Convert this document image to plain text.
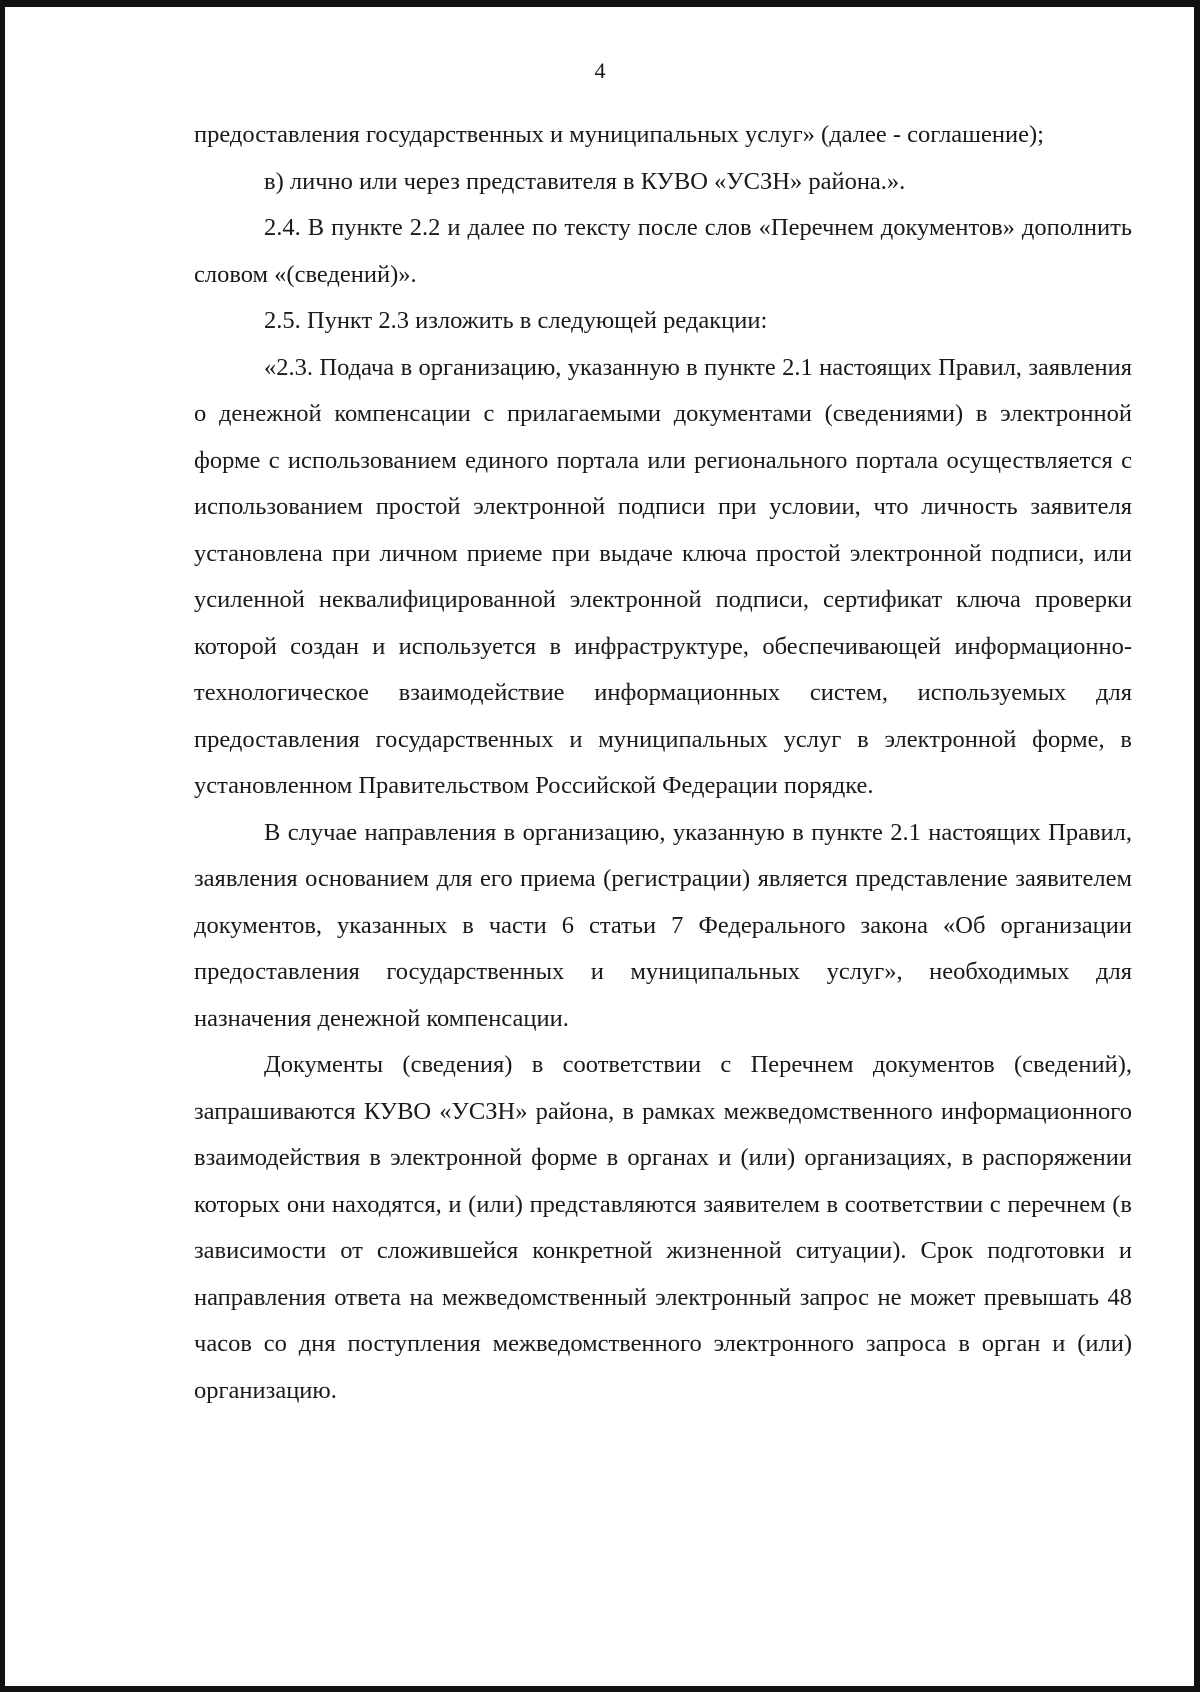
4

предоставления государственных и муниципальных услуг» (далее - соглашение);

в) лично или через представителя в КУВО «УСЗН» района.».

2.4. В пункте 2.2 и далее по тексту после слов «Перечнем документов» дополнить словом «(сведений)».

2.5. Пункт 2.3 изложить в следующей редакции:

«2.3. Подача в организацию, указанную в пункте 2.1 настоящих Правил, заявления о денежной компенсации с прилагаемыми документами (сведениями) в электронной форме с использованием единого портала или регионального портала осуществляется с использованием простой электронной подписи при условии, что личность заявителя установлена при личном приеме при выдаче ключа простой электронной подписи, или усиленной неквалифицированной электронной подписи, сертификат ключа проверки которой создан и используется в инфраструктуре, обеспечивающей информационно-технологическое взаимодействие информационных систем, используемых для предоставления государственных и муниципальных услуг в электронной форме, в установленном Правительством Российской Федерации порядке.

В случае направления в организацию, указанную в пункте 2.1 настоящих Правил, заявления основанием для его приема (регистрации) является представление заявителем документов, указанных в части 6 статьи 7 Федерального закона «Об организации предоставления государственных и муниципальных услуг», необходимых для назначения денежной компенсации.

Документы (сведения) в соответствии с Перечнем документов (сведений), запрашиваются КУВО «УСЗН» района, в рамках межведомственного информационного взаимодействия в электронной форме в органах и (или) организациях, в распоряжении которых они находятся, и (или) представляются заявителем в соответствии с перечнем (в зависимости от сложившейся конкретной жизненной ситуации). Срок подготовки и направления ответа на межведомственный электронный запрос не может превышать 48 часов со дня поступления межведомственного электронного запроса в орган и (или) организацию.
